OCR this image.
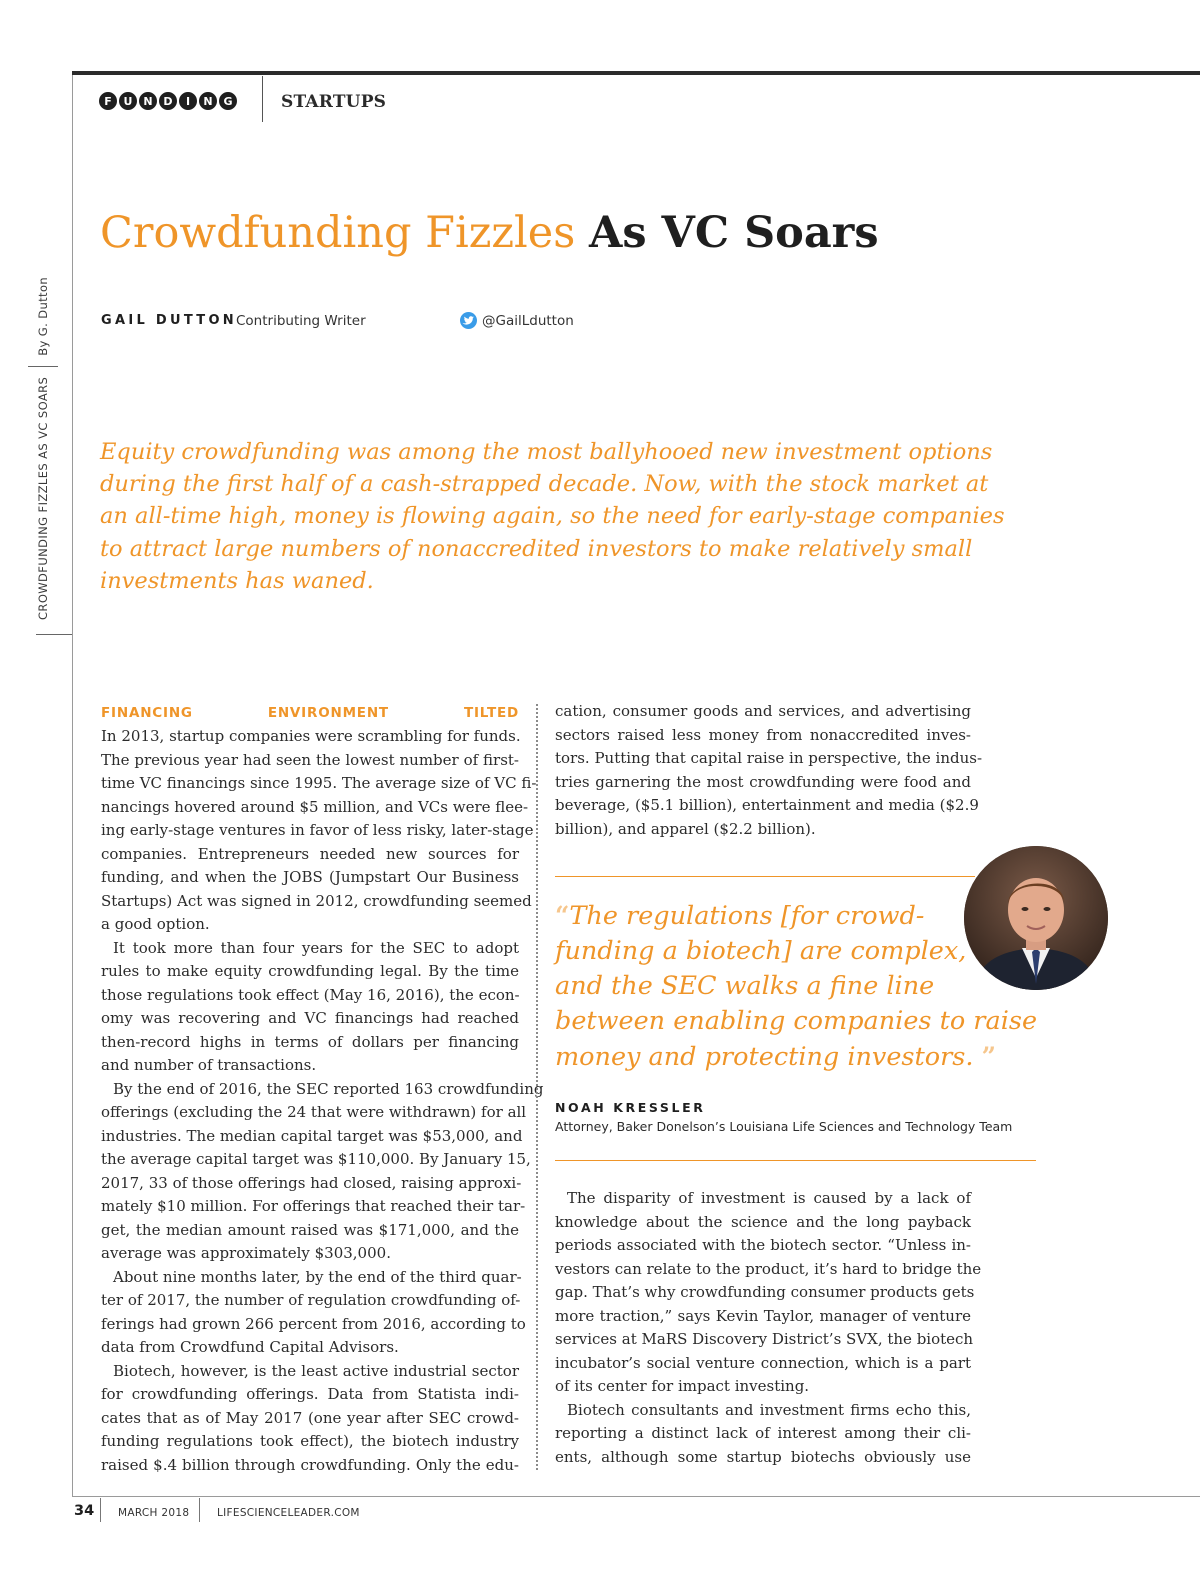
F	U N D	I	N G	STARTUPS
CROWDFUNDING FIZZLES AS VC SOARS
By G. Dutton
Crowdfunding Fizzles As VC Soars
GAIL DUTTON Contributing Writer	@GailLdutton

Equity crowdfunding was among the most ballyhooed new investment options

during the first half of a cash-strapped decade. Now, with the stock market at

an all-time high, money is flowing again, so the need for early-stage companies

to attract large numbers of nonaccredited investors to make relatively small

investments has waned.

FINANCING ENVIRONMENT TILTED

In 2013, startup companies were scrambling for funds.

The previous year had seen the lowest number of first-

time VC financings since 1995. The average size of VC fi-

nancings hovered around $5 million, and VCs were flee-

ing early-stage ventures in favor of less risky, later-stage

companies. Entrepreneurs needed new sources for

funding, and when the JOBS (Jumpstart Our Business

Startups) Act was signed in 2012, crowdfunding seemed

a good option.

It took more than four years for the SEC to adopt

rules to make equity crowdfunding legal. By the time

those regulations took effect (May 16, 2016), the econ-

omy was recovering and VC financings had reached

then-record highs in terms of dollars per financing

and number of transactions.

By the end of 2016, the SEC reported 163 crowdfunding

offerings (excluding the 24 that were withdrawn) for all

industries. The median capital target was $53,000, and

the average capital target was $110,000. By January 15,

2017, 33 of those offerings had closed, raising approxi-

mately $10 million. For offerings that reached their tar-

get, the median amount raised was $171,000, and the

average was approximately $303,000.

About nine months later, by the end of the third quar-

ter of 2017, the number of regulation crowdfunding of-

ferings had grown 266 percent from 2016, according to

data from Crowdfund Capital Advisors.

Biotech, however, is the least active industrial sector

for crowdfunding offerings. Data from Statista indi-

cates that as of May 2017 (one year after SEC crowd-

funding regulations took effect), the biotech industry

raised $.4 billion through crowdfunding. Only the edu-

cation, consumer goods and services, and advertising

sectors raised less money from nonaccredited inves-

tors. Putting that capital raise in perspective, the indus-

tries garnering the most crowdfunding were food and

beverage, ($5.1 billion), entertainment and media ($2.9

billion), and apparel ($2.2 billion).

“The regulations [for crowd-

funding a biotech] are complex,

and the SEC walks a fine line

between enabling companies to raise

money and protecting investors. ”

NOAH KRESSLER
Attorney, Baker Donelson’s Louisiana Life Sciences and Technology Team

The disparity of investment is caused by a lack of

knowledge about the science and the long payback

periods associated with the biotech sector. “Unless in-

vestors can relate to the product, it’s hard to bridge the

gap. That’s why crowdfunding consumer products gets

more traction,” says Kevin Taylor, manager of venture

services at MaRS Discovery District’s SVX, the biotech

incubator’s social venture connection, which is a part

of its center for impact investing.

Biotech consultants and investment firms echo this,

reporting a distinct lack of interest among their cli-

ents, although some startup biotechs obviously use

34 MARCH 2018	LIFESCIENCELEADER.COM
